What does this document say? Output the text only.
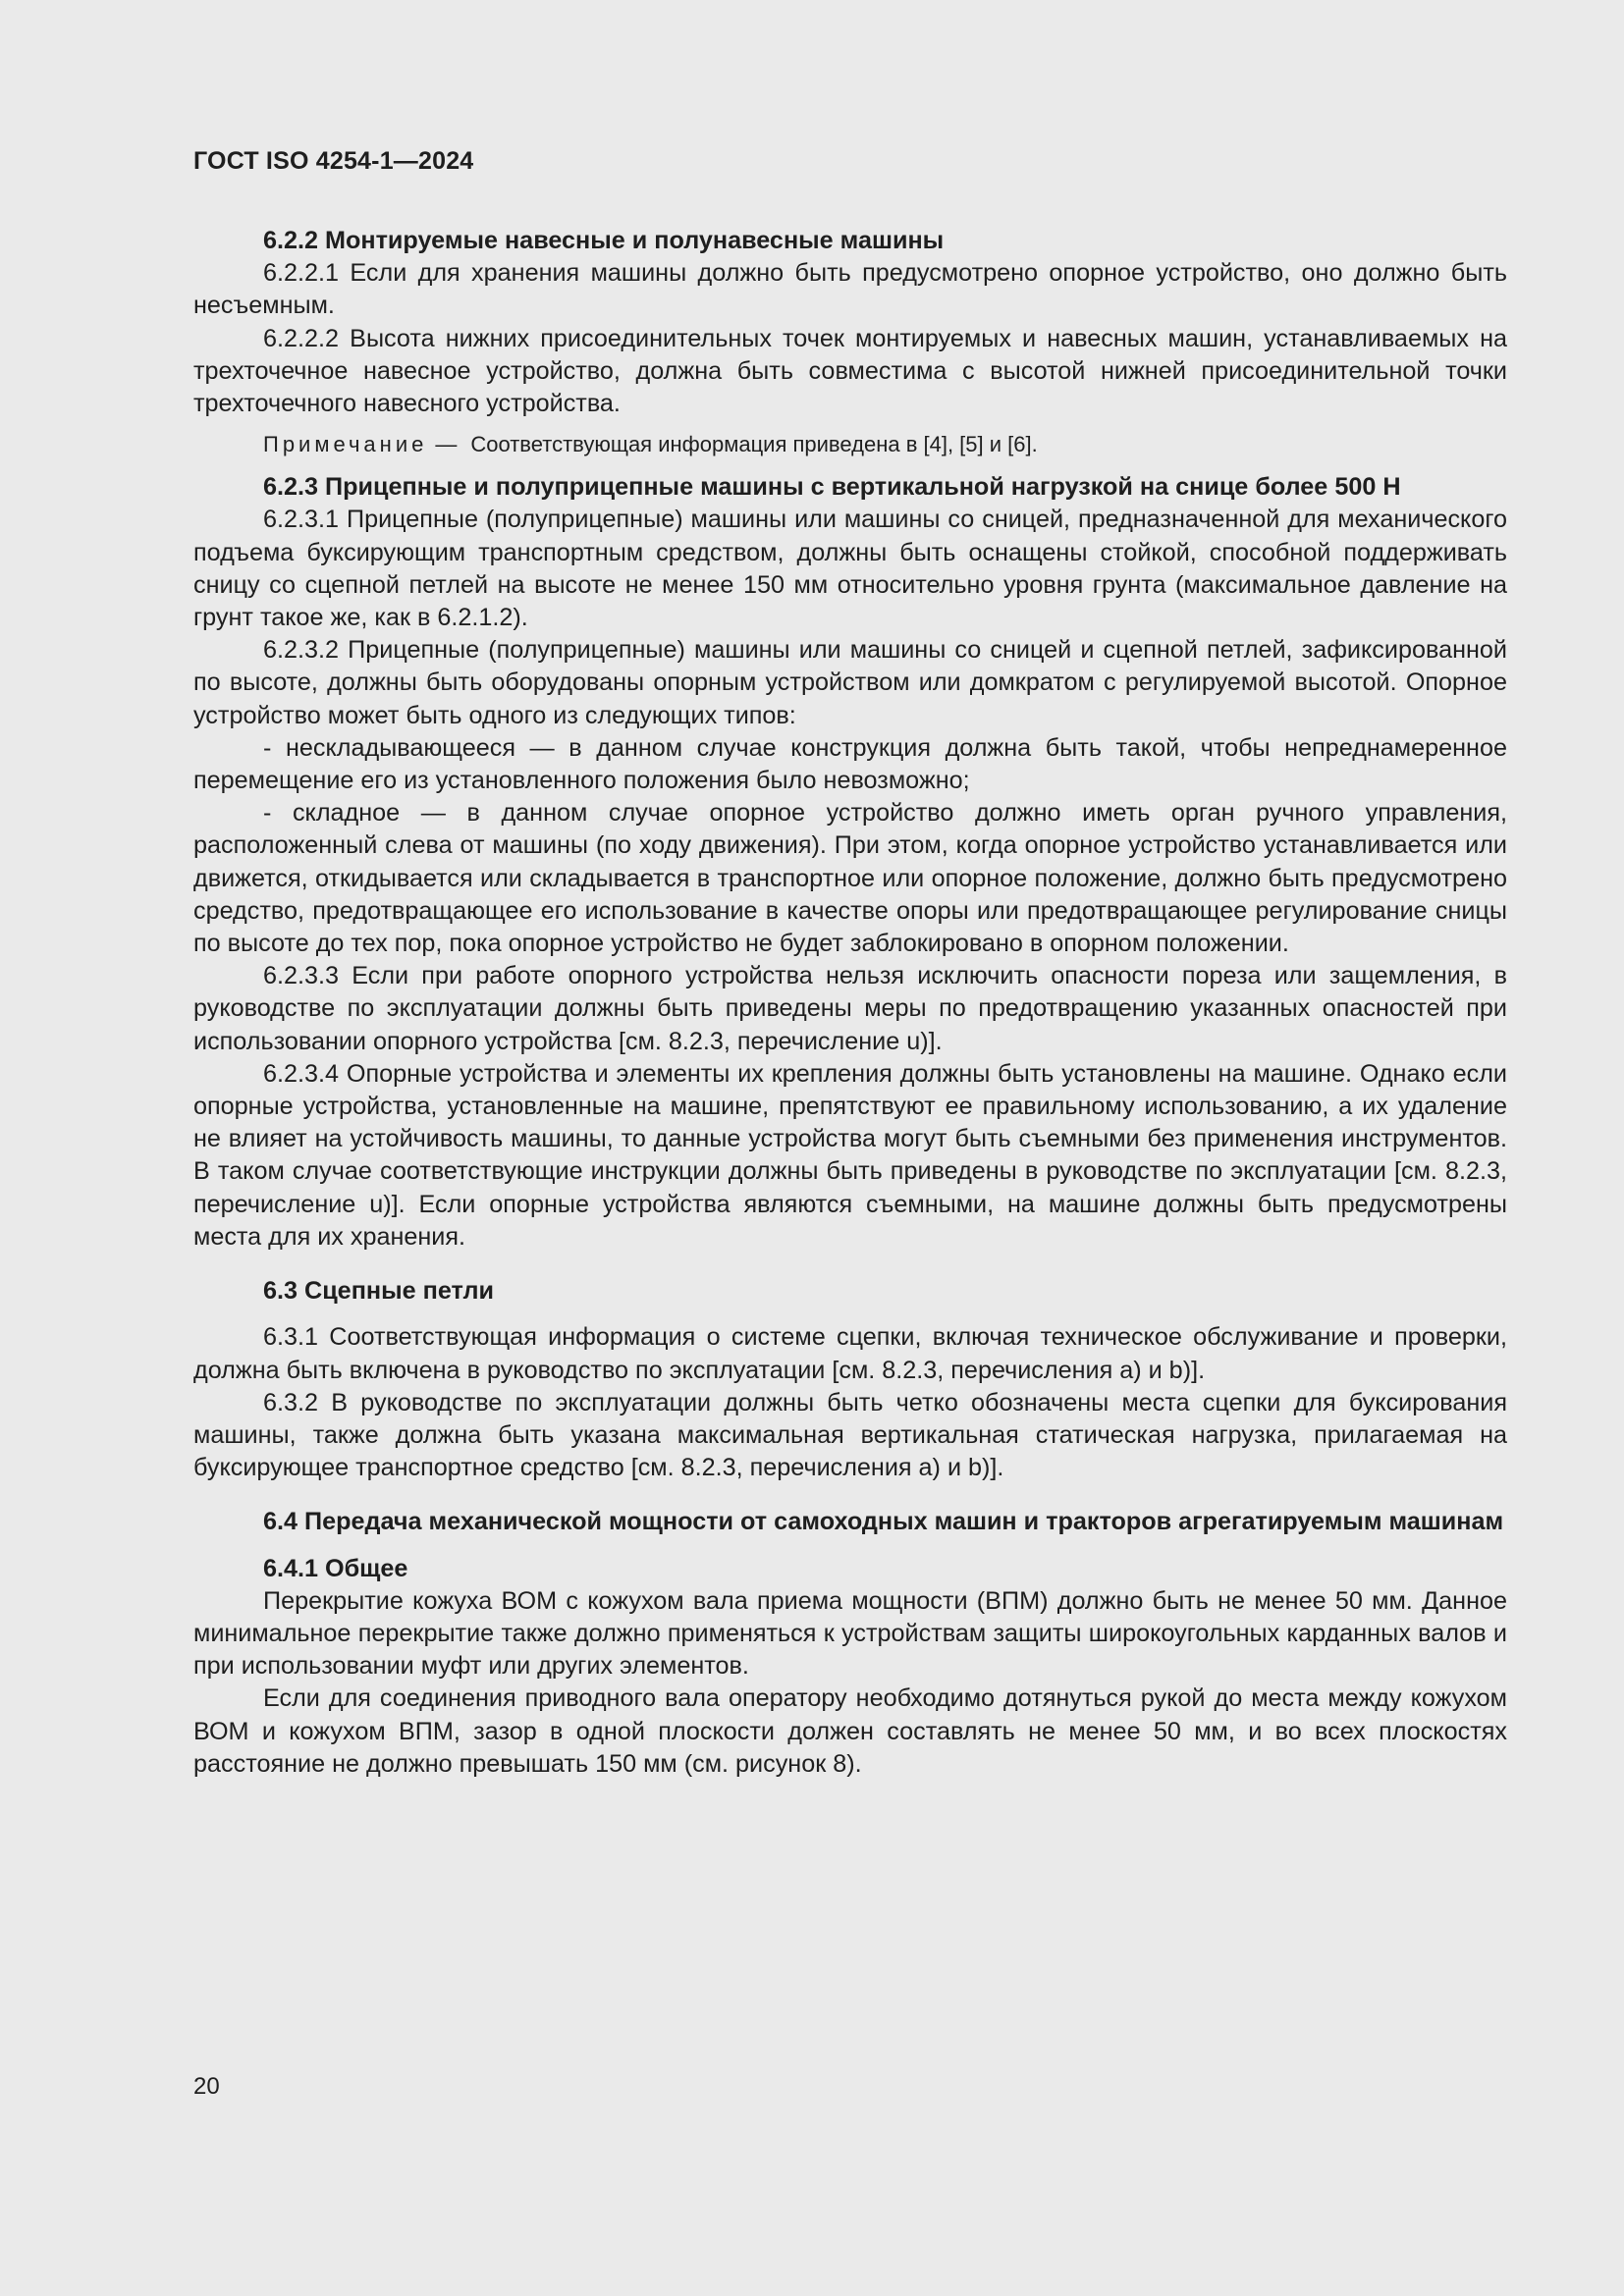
ГОСТ ISO 4254-1—2024

6.2.2 Монтируемые навесные и полунавесные машины

6.2.2.1 Если для хранения машины должно быть предусмотрено опорное устройство, оно должно быть несъемным.

6.2.2.2 Высота нижних присоединительных точек монтируемых и навесных машин, устанавливаемых на трехточечное навесное устройство, должна быть совместима с высотой нижней присоединительной точки трехточечного навесного устройства.

Примечание — Соответствующая информация приведена в [4], [5] и [6].

6.2.3 Прицепные и полуприцепные машины с вертикальной нагрузкой на снице более 500 Н

6.2.3.1 Прицепные (полуприцепные) машины или машины со сницей, предназначенной для механического подъема буксирующим транспортным средством, должны быть оснащены стойкой, способной поддерживать сницу со сцепной петлей на высоте не менее 150 мм относительно уровня грунта (максимальное давление на грунт такое же, как в 6.2.1.2).

6.2.3.2 Прицепные (полуприцепные) машины или машины со сницей и сцепной петлей, зафиксированной по высоте, должны быть оборудованы опорным устройством или домкратом с регулируемой высотой. Опорное устройство может быть одного из следующих типов:

- нескладывающееся — в данном случае конструкция должна быть такой, чтобы непреднамеренное перемещение его из установленного положения было невозможно;

- складное — в данном случае опорное устройство должно иметь орган ручного управления, расположенный слева от машины (по ходу движения). При этом, когда опорное устройство устанавливается или движется, откидывается или складывается в транспортное или опорное положение, должно быть предусмотрено средство, предотвращающее его использование в качестве опоры или предотвращающее регулирование сницы по высоте до тех пор, пока опорное устройство не будет заблокировано в опорном положении.

6.2.3.3 Если при работе опорного устройства нельзя исключить опасности пореза или защемления, в руководстве по эксплуатации должны быть приведены меры по предотвращению указанных опасностей при использовании опорного устройства [см. 8.2.3, перечисление u)].

6.2.3.4 Опорные устройства и элементы их крепления должны быть установлены на машине. Однако если опорные устройства, установленные на машине, препятствуют ее правильному использованию, а их удаление не влияет на устойчивость машины, то данные устройства могут быть съемными без применения инструментов. В таком случае соответствующие инструкции должны быть приведены в руководстве по эксплуатации [см. 8.2.3, перечисление u)]. Если опорные устройства являются съемными, на машине должны быть предусмотрены места для их хранения.

6.3 Сцепные петли

6.3.1 Соответствующая информация о системе сцепки, включая техническое обслуживание и проверки, должна быть включена в руководство по эксплуатации [см. 8.2.3, перечисления a) и b)].

6.3.2 В руководстве по эксплуатации должны быть четко обозначены места сцепки для буксирования машины, также должна быть указана максимальная вертикальная статическая нагрузка, прилагаемая на буксирующее транспортное средство [см. 8.2.3, перечисления a) и b)].

6.4 Передача механической мощности от самоходных машин и тракторов агрегатируемым машинам

6.4.1 Общее

Перекрытие кожуха ВОМ с кожухом вала приема мощности (ВПМ) должно быть не менее 50 мм. Данное минимальное перекрытие также должно применяться к устройствам защиты широкоугольных карданных валов и при использовании муфт или других элементов.

Если для соединения приводного вала оператору необходимо дотянуться рукой до места между кожухом ВОМ и кожухом ВПМ, зазор в одной плоскости должен составлять не менее 50 мм, и во всех плоскостях расстояние не должно превышать 150 мм (см. рисунок 8).

20
